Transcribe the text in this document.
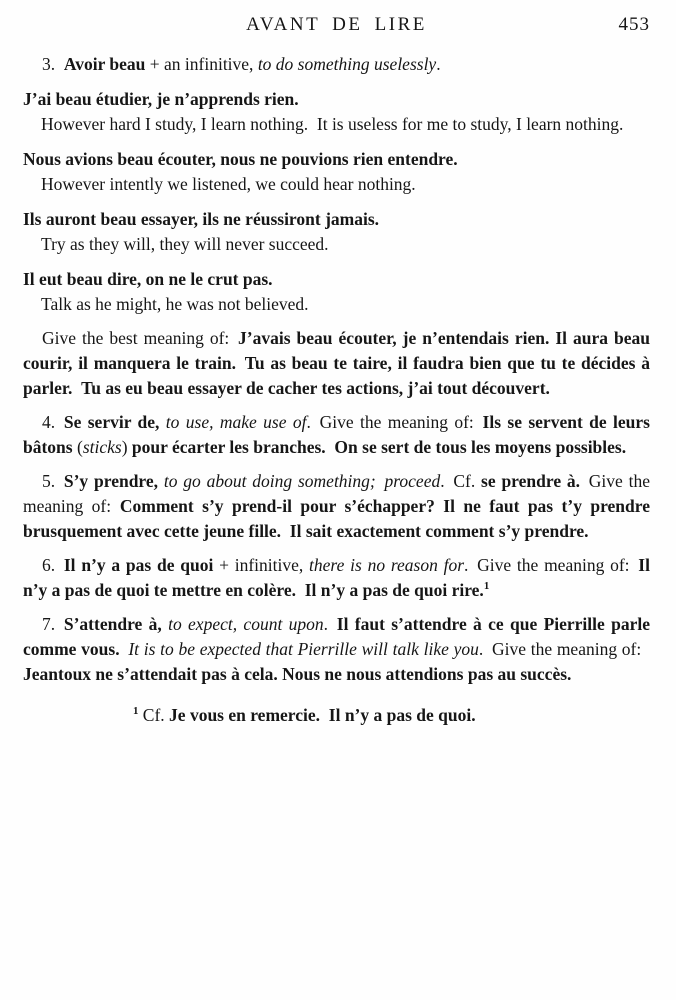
AVANT DE LIRE	453

3. Avoir beau + an infinitive, to do something uselessly.

J’ai beau étudier, je n’apprends rien.

However hard I study, I learn nothing. It is useless for me to study, I learn nothing.

Nous avions beau écouter, nous ne pouvions rien entendre.

However intently we listened, we could hear nothing.

Ils auront beau essayer, ils ne réussiront jamais.

Try as they will, they will never succeed.

Il eut beau dire, on ne le crut pas.

Talk as he might, he was not believed.

Give the best meaning of: J’avais beau écouter, je n’entendais rien. Il aura beau courir, il manquera le train. Tu as beau te taire, il faudra bien que tu te décides à parler. Tu as eu beau essayer de cacher tes actions, j’ai tout découvert.

4. Se servir de, to use, make use of. Give the meaning of: Ils se servent de leurs bâtons (sticks) pour écarter les branches. On se sert de tous les moyens possibles.

5. S’y prendre, to go about doing something; proceed. Cf. se prendre à. Give the meaning of: Comment s’y prend-il pour s’échapper? Il ne faut pas t’y prendre brusquement avec cette jeune fille. Il sait exactement comment s’y prendre.

6. Il n’y a pas de quoi + infinitive, there is no reason for. Give the meaning of: Il n’y a pas de quoi te mettre en colère. Il n’y a pas de quoi rire.$^1$

7. S’attendre à, to expect, count upon. Il faut s’attendre à ce que Pierrille parle comme vous.  It is to be expected that Pierrille will talk like you. Give the meaning of: Jeantoux ne s’attendait pas à cela. Nous ne nous attendions pas au succès.

$^1$ Cf. Je vous en remercie. Il n’y a pas de quoi.
